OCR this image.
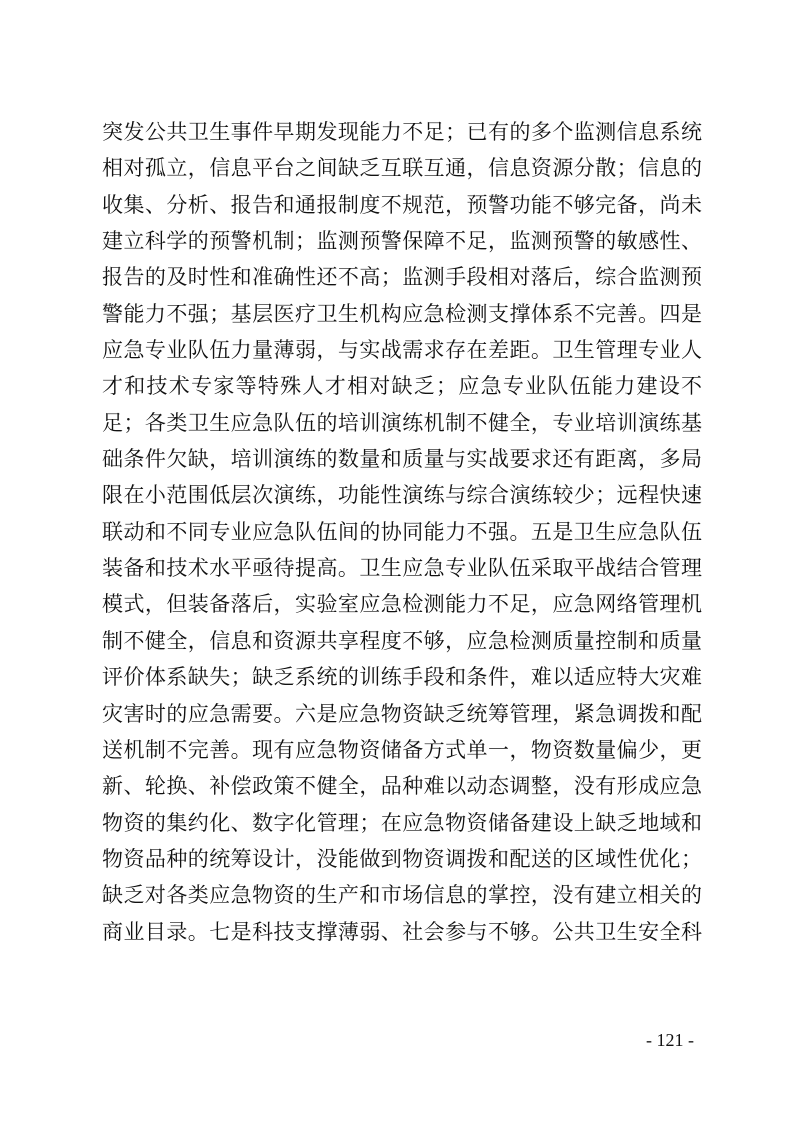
突发公共卫生事件早期发现能力不足；已有的多个监测信息系统
相对孤立，信息平台之间缺乏互联互通，信息资源分散；信息的
收集、分析、报告和通报制度不规范，预警功能不够完备，尚未
建立科学的预警机制；监测预警保障不足，监测预警的敏感性、
报告的及时性和准确性还不高；监测手段相对落后，综合监测预
警能力不强；基层医疗卫生机构应急检测支撑体系不完善。四是
应急专业队伍力量薄弱，与实战需求存在差距。卫生管理专业人
才和技术专家等特殊人才相对缺乏；应急专业队伍能力建设不
足；各类卫生应急队伍的培训演练机制不健全，专业培训演练基
础条件欠缺，培训演练的数量和质量与实战要求还有距离，多局
限在小范围低层次演练，功能性演练与综合演练较少；远程快速
联动和不同专业应急队伍间的协同能力不强。五是卫生应急队伍
装备和技术水平亟待提高。卫生应急专业队伍采取平战结合管理
模式，但装备落后，实验室应急检测能力不足，应急网络管理机
制不健全，信息和资源共享程度不够，应急检测质量控制和质量
评价体系缺失；缺乏系统的训练手段和条件，难以适应特大灾难
灾害时的应急需要。六是应急物资缺乏统筹管理，紧急调拨和配
送机制不完善。现有应急物资储备方式单一，物资数量偏少，更
新、轮换、补偿政策不健全，品种难以动态调整，没有形成应急
物资的集约化、数字化管理；在应急物资储备建设上缺乏地域和
物资品种的统筹设计，没能做到物资调拨和配送的区域性优化；
缺乏对各类应急物资的生产和市场信息的掌控，没有建立相关的
商业目录。七是科技支撑薄弱、社会参与不够。公共卫生安全科
- 121 -
